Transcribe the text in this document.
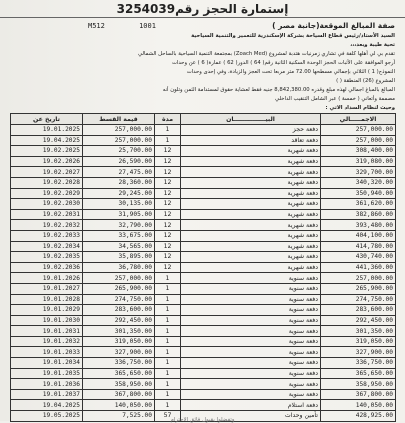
إستمارة الحجز رقم3254039
M512	1001	صفة المبالغ الموقعة(جانبة مصر )
السيد الأستاذ/رئيس قطاع السياحة بشركة الإسكندرية للتعمير والتنمية السياحية
تحية طيبة وبعد،،،
تقدم بي لي أهلها كلفة في تشاري زمرنيات هتدبة لمشروع (Zoach Med) بمجتمعة التنمية السياحية بالساحل الشمالي
أرجو الموافقة على الأثبات الحجز الوحدة السكنية الثانية رقم( 64 ) الدور( 62 ) عمارة( 6 ) عن وحدات
النموذج( 1 ) الثلاثي بإجمالي مسطحها 72.00 متر مربعا تحت العجز والزيادة، وفي إحدى وحدات
المشروع (26) المنطقة ( )
المبالغ بالمباغ اجمالي لهذه مبلغ وقدره 8,842,380.00 جنيه فقط لعشاية حقوق لمستدامة الثمن وتلون أنه
مصممة وأتعاني ( خمسة ) عبر الشامل التنقيب الداخلي
وحيث لنظام السداد الاتي :
تاريخ عن	قيمة القسط	مدة	البيـــــــــــــــان	الاجمـــــالي
19.01.2025	257,000.00	1	دفعة حجز	257,000.00
19.04.2025	257,000.00	1	دفعة تعاقد	257,000.00
19.02.2025	25,700.00	12	دفعة شهرية	308,400.00
19.02.2026	26,590.00	12	دفعة شهرية	319,080.00
19.02.2027	27,475.00	12	دفعة شهرية	329,700.00
19.02.2028	28,360.00	12	دفعة شهرية	340,320.00
19.02.2029	29,245.00	12	دفعة شهرية	350,940.00
19.02.2030	30,135.00	12	دفعة شهرية	361,620.00
19.02.2031	31,905.00	12	دفعة شهرية	382,860.00
19.02.2032	32,790.00	12	دفعة شهرية	393,480.00
19.02.2033	33,675.00	12	دفعة شهرية	404,100.00
19.02.2034	34,565.00	12	دفعة شهرية	414,780.00
19.02.2035	35,895.00	12	دفعة شهرية	430,740.00
19.02.2036	36,780.00	12	دفعة شهرية	441,360.00
19.01.2026	257,000.00	1	دفعة سنوية	257,000.00
19.01.2027	265,900.00	1	دفعة سنوية	265,900.00
19.01.2028	274,750.00	1	دفعة سنوية	274,750.00
19.01.2029	283,600.00	1	دفعة سنوية	283,600.00
19.01.2030	292,450.00	1	دفعة سنوية	292,450.00
19.01.2031	301,350.00	1	دفعة سنوية	301,350.00
19.01.2032	319,050.00	1	دفعة سنوية	319,050.00
19.01.2033	327,900.00	1	دفعة سنوية	327,900.00
19.01.2034	336,750.00	1	دفعة سنوية	336,750.00
19.01.2035	365,650.00	1	دفعة سنوية	365,650.00
19.01.2036	358,950.00	1	دفعة سنوية	358,950.00
19.01.2037	367,800.00	1	دفعة سنوية	367,800.00
19.04.2025	140,050.00	1	دفعة استلام	140,050.00
19.05.2025	7,525.00	57	تأمين وحدات	428,925.00
وتفضلوا بقبول فائق الاحترام
